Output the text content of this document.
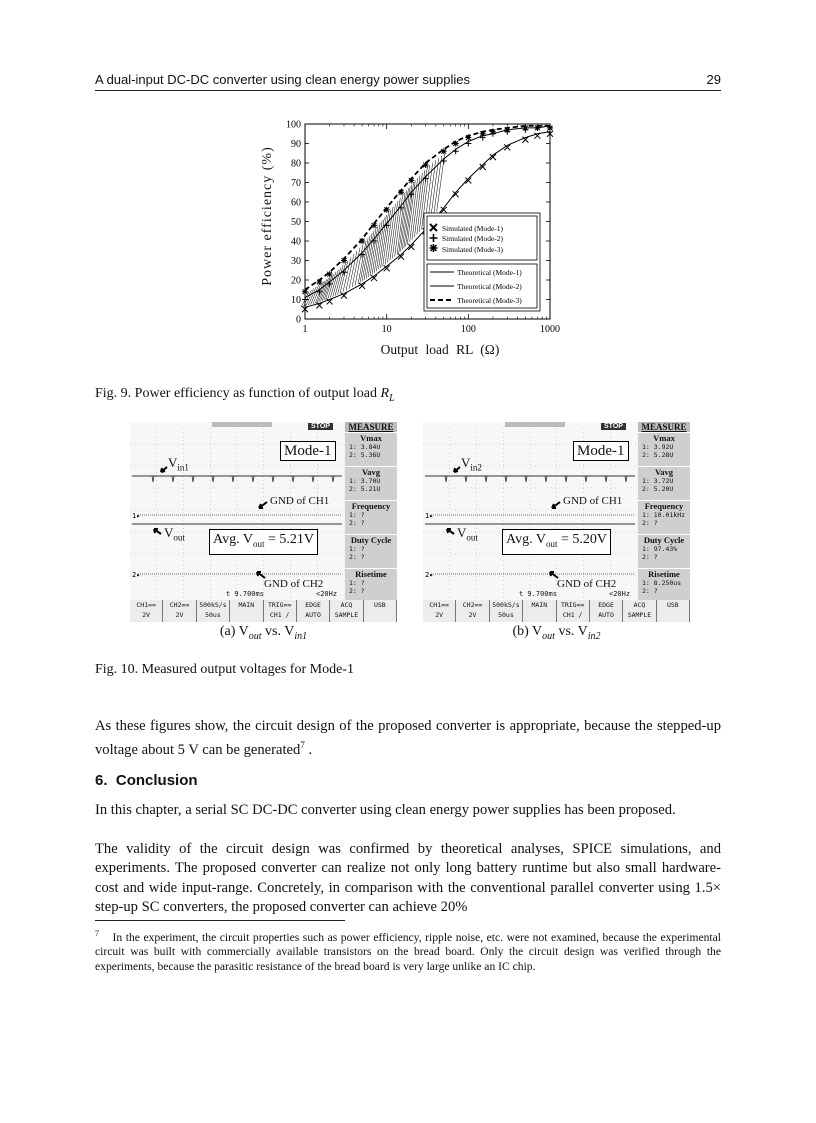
A dual-input DC-DC converter using clean energy power supplies	29
0
10
20
30
40
50
60
70
80
90
100
1	10	100	1000
Simulated (Mode-1)
Simulated (Mode-2)
Simulated (Mode-3)
Theoretical (Mode-1)
Theoretical (Mode-2)
Theoretical (Mode-3)
Power efficiency (%)
Output load RL (Ω)
Fig. 9. Power efficiency as function of output load $R_L$
1▸
2▸
STOP
Mode-1
$V_{in1}$
GND of CH1
$V_{out}$ Avg. $V_{out} = 5.21V$
GND of CH2
t 9.700ms	<20Hz
MEASURE
Vmax
1: 3.84U
2: 5.36U
Vavg
1: 3.70U
2: 5.21U
Frequency
1: ?
2: ?
Duty Cycle
1: ?
2: ?
Risetime
1: ?
2: ?
CH1==
2V
CH2==
2V
500kS/s
50us
MAIN	TRIG==
CH1 ∕
EDGE
AUTO
ACQ
SAMPLE
USB
(a) $V_{out}$ vs. $V_{in1}$
1▸
2▸
STOP
Mode-1
$V_{in2}$
GND of CH1
$V_{out}$ Avg. $V_{out} = 5.20V$
GND of CH2
t 9.700ms	<20Hz
MEASURE
Vmax
1: 3.92U
2: 5.28U
Vavg
1: 3.72U
2: 5.20U
Frequency
1: 10.01kHz
2: ?
Duty Cycle
1: 97.43%
2: ?
Risetime
1: 8.250us
2: ?
CH1==
2V
CH2==
2V
500kS/s
50us
MAIN	TRIG==
CH1 ∕
EDGE
AUTO
ACQ
SAMPLE
USB
(b) $V_{out}$ vs. $V_{in2}$
Fig. 10. Measured output voltages for Mode-1
As these figures show, the circuit design of the proposed converter is appropriate, because the stepped-up voltage about 5 V can be generated$^7$ .
6. Conclusion
In this chapter, a serial SC DC-DC converter using clean energy power supplies has been proposed.
The validity of the circuit design was confirmed by theoretical analyses, SPICE simulations, and experiments. The proposed converter can realize not only long battery runtime but also small hardware-cost and wide input-range. Concretely, in comparison with the conventional parallel converter using 1.5× step-up SC converters, the proposed converter can achieve 20%
$^7$ In the experiment, the circuit properties such as power efficiency, ripple noise, etc. were not examined, because the experimental circuit was built with commercially available transistors on the bread board. Only the circuit design was verified through the experiments, because the parasitic resistance of the bread board is very large unlike an IC chip.
